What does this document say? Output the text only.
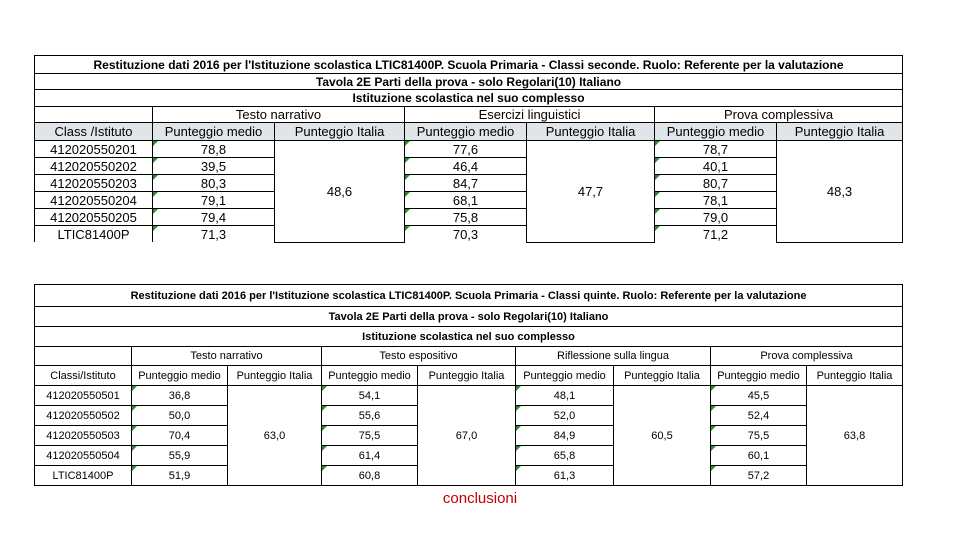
Restituzione dati 2016 per l'Istituzione scolastica LTIC81400P. Scuola Primaria - Classi seconde. Ruolo: Referente per la valutazione						
Tavola 2E Parti della prova - solo Regolari(10) Italiano						
Istituzione scolastica nel suo complesso						
	Testo narrativo		Esercizi linguistici		Prova complessiva	
Class /Istituto	Punteggio medio	Punteggio Italia	Punteggio medio	Punteggio Italia	Punteggio medio	Punteggio Italia
412020550201	78,8	48,6	77,6	47,7	78,7	48,3
412020550202	39,5		46,4		40,1	
412020550203	80,3		84,7		80,7	
412020550204	79,1		68,1		78,1	
412020550205	79,4		75,8		79,0	
LTIC81400P	71,3		70,3		71,2	
Restituzione dati 2016 per l'Istituzione scolastica LTIC81400P. Scuola Primaria - Classi quinte. Ruolo: Referente per la valutazione								
Tavola 2E Parti della prova - solo Regolari(10) Italiano								
Istituzione scolastica nel suo complesso								
	Testo narrativo		Testo espositivo		Riflessione sulla lingua		Prova complessiva	
Classi/Istituto	Punteggio medio	Punteggio Italia	Punteggio medio	Punteggio Italia	Punteggio medio	Punteggio Italia	Punteggio medio	Punteggio Italia
412020550501	36,8	63,0	54,1	67,0	48,1	60,5	45,5	63,8
412020550502	50,0		55,6		52,0		52,4	
412020550503	70,4		75,5		84,9		75,5	
412020550504	55,9		61,4		65,8		60,1	
LTIC81400P	51,9		60,8		61,3		57,2	
conclusioni
